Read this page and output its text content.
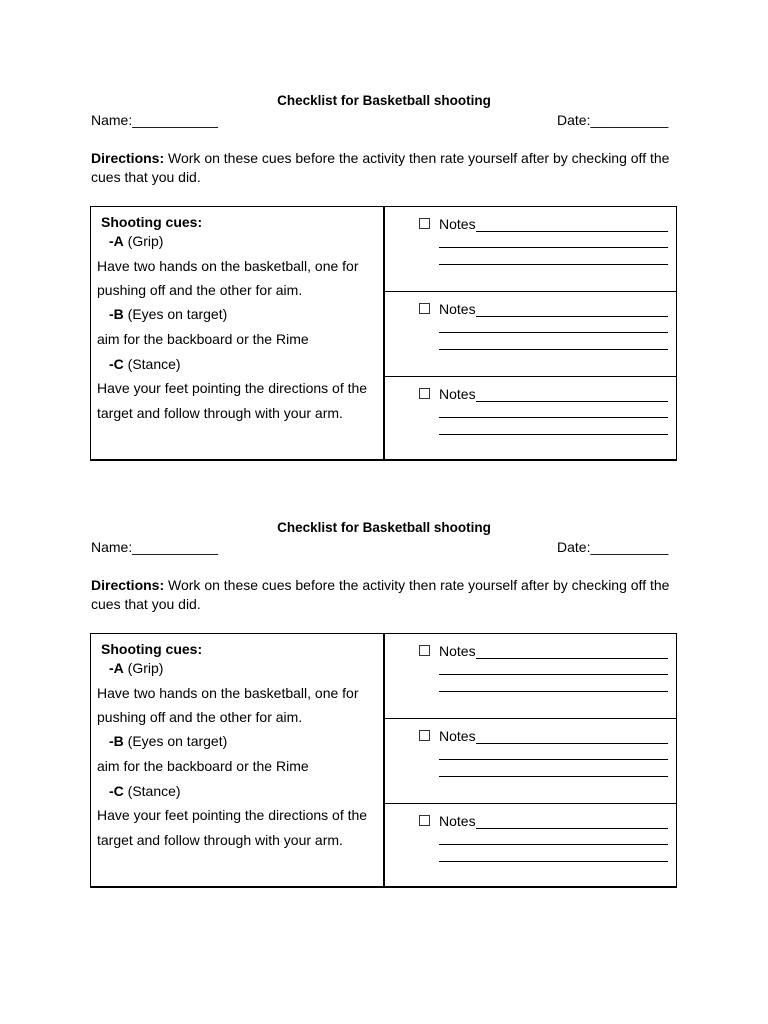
Checklist for Basketball shooting
Name:___________	Date:__________
Directions: Work on these cues before the activity then rate yourself after by checking off the cues that you did.
Shooting cues:
-A (Grip)
Have two hands on the basketball, one for
pushing off and the other for aim.
-B (Eyes on target)
aim for the backboard or the Rime
-C (Stance)
Have your feet pointing the directions of the
target and follow through with your arm.
Notes
Notes
Notes
Checklist for Basketball shooting
Name:___________	Date:__________
Directions: Work on these cues before the activity then rate yourself after by checking off the cues that you did.
Shooting cues:
-A (Grip)
Have two hands on the basketball, one for
pushing off and the other for aim.
-B (Eyes on target)
aim for the backboard or the Rime
-C (Stance)
Have your feet pointing the directions of the
target and follow through with your arm.
Notes
Notes
Notes
